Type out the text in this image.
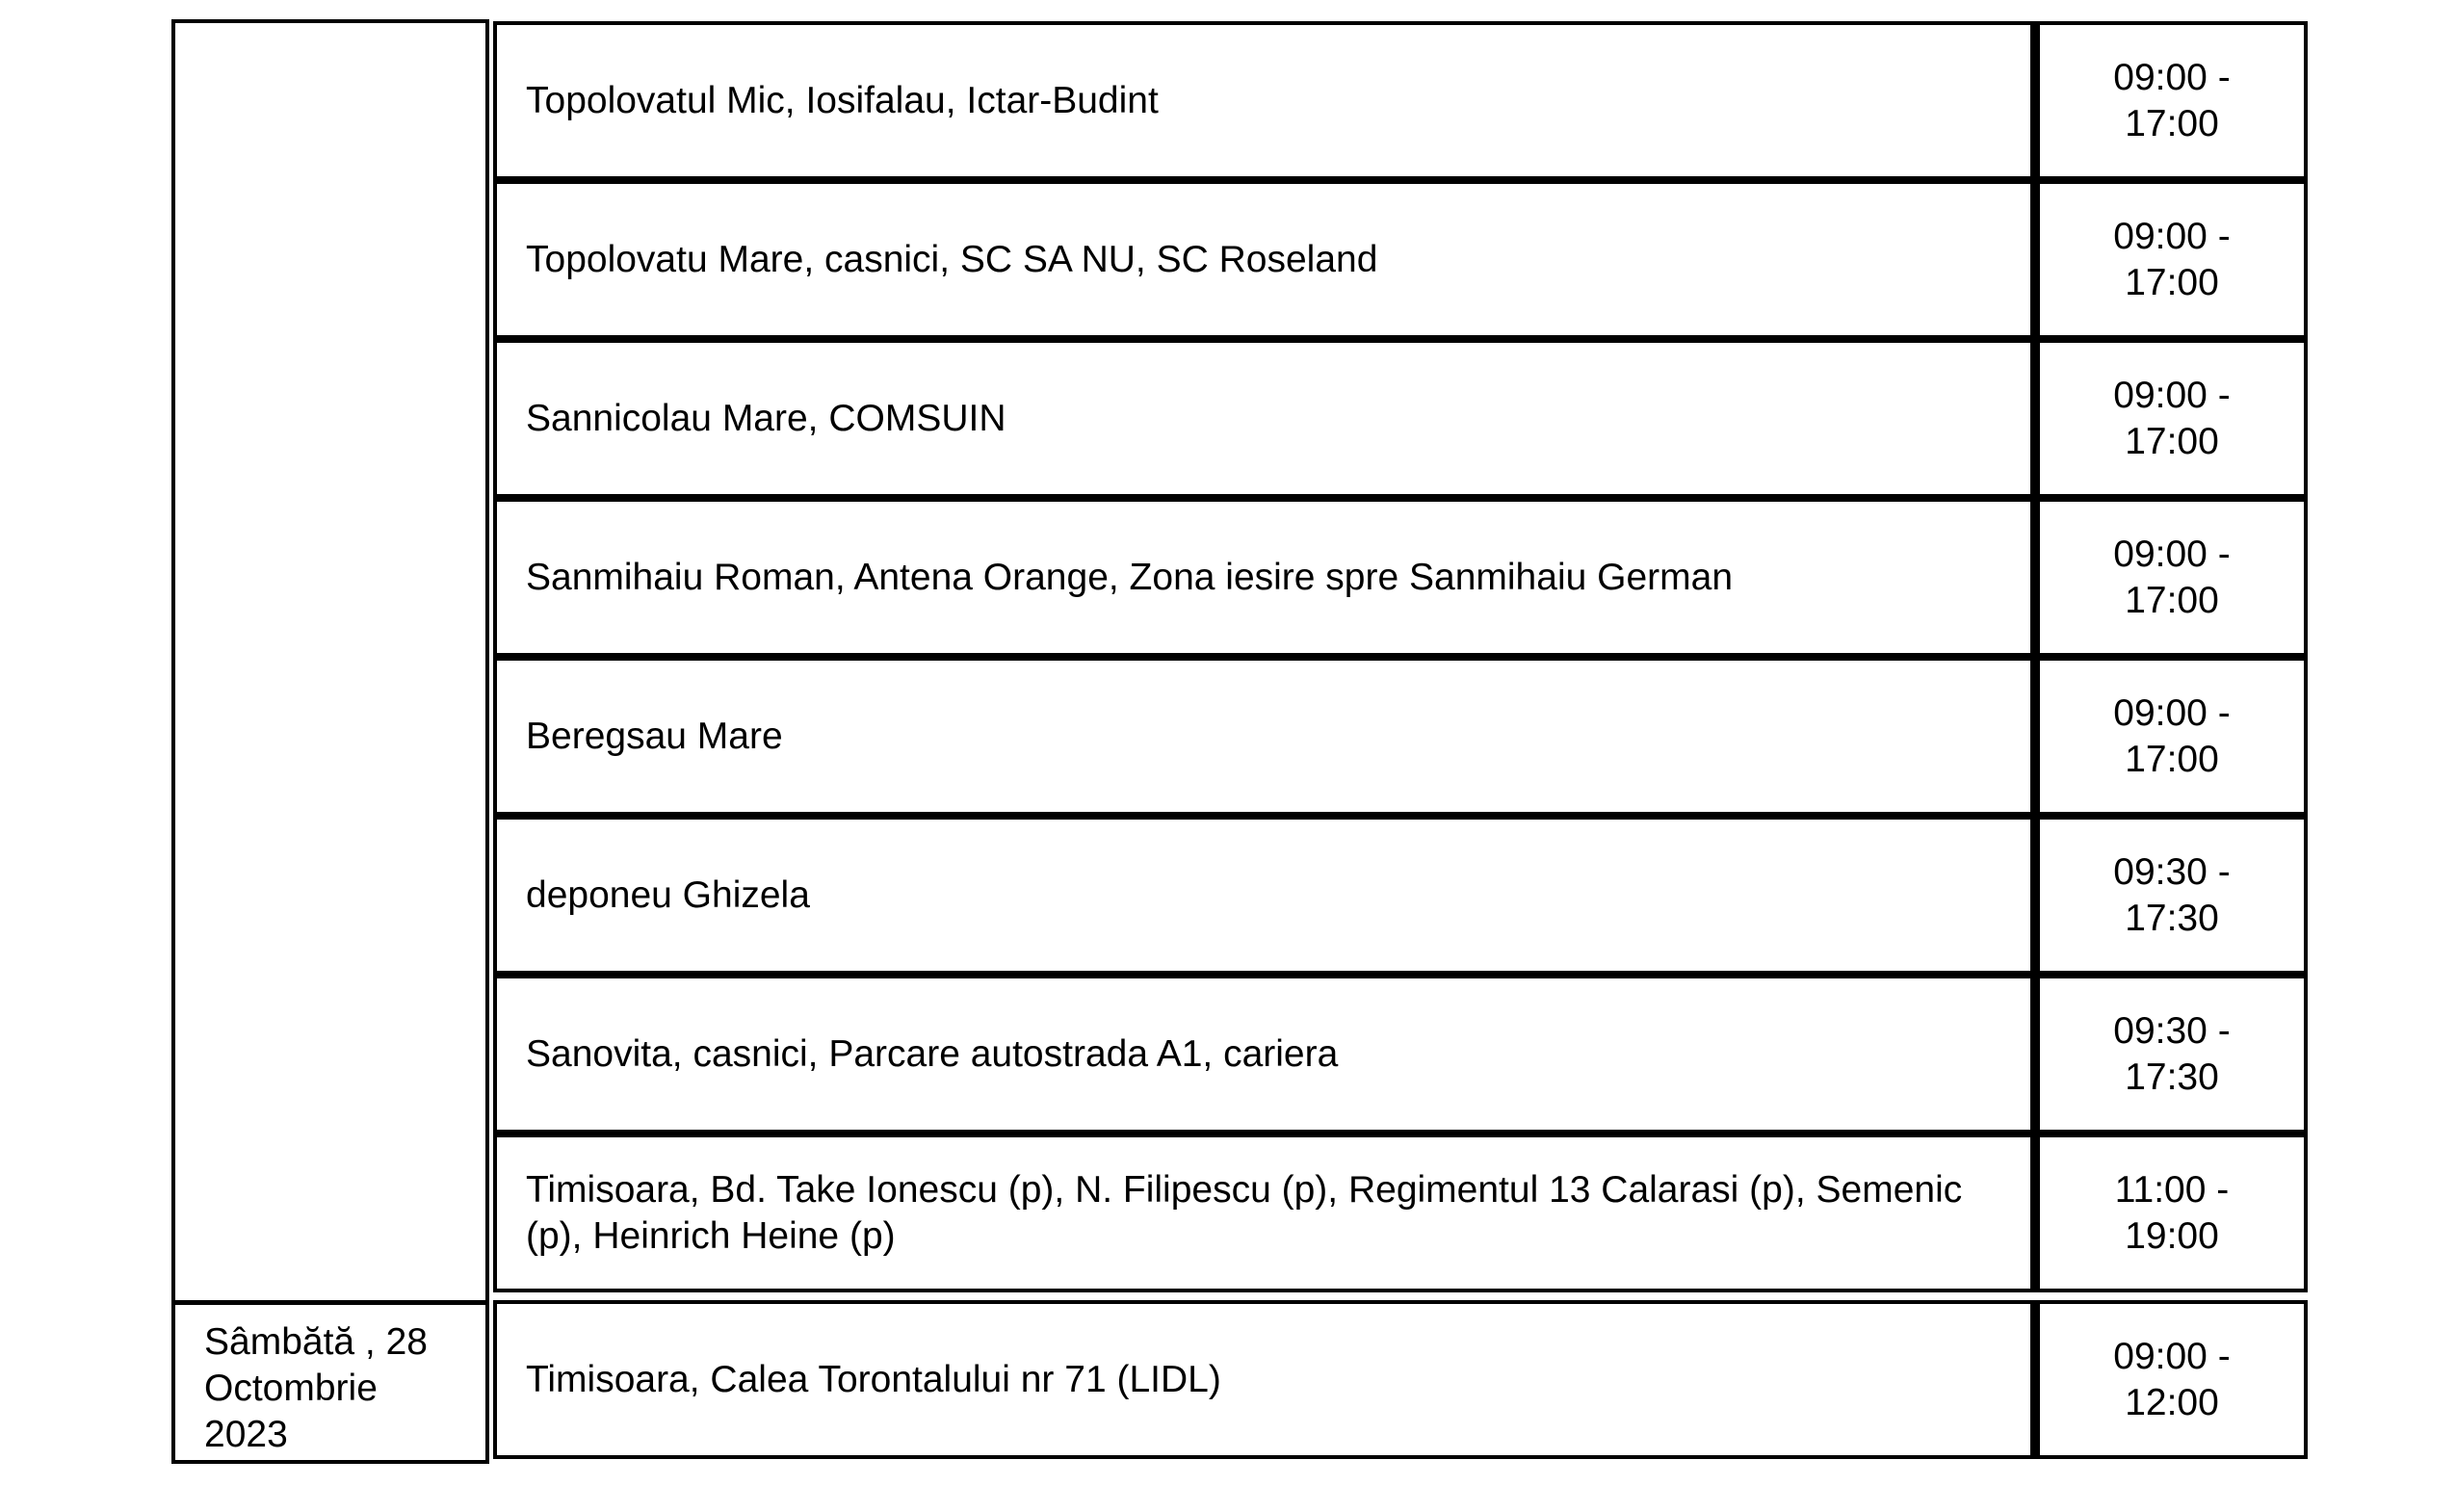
Topolovatul Mic, Iosifalau, Ictar-Budint
09:00 -
17:00
Topolovatu Mare, casnici, SC SA NU, SC Roseland
09:00 -
17:00
Sannicolau Mare, COMSUIN
09:00 -
17:00
Sanmihaiu Roman, Antena Orange, Zona iesire spre Sanmihaiu German
09:00 -
17:00
Beregsau Mare
09:00 -
17:00
deponeu Ghizela
09:30 -
17:30
Sanovita, casnici, Parcare autostrada A1, cariera
09:30 -
17:30
Timisoara, Bd. Take Ionescu (p), N. Filipescu (p), Regimentul 13 Calarasi (p), Semenic (p), Heinrich Heine (p)
11:00 -
19:00
Sâmbătă , 28 Octombrie 2023
Timisoara, Calea Torontalului nr 71 (LIDL)
09:00 -
12:00
